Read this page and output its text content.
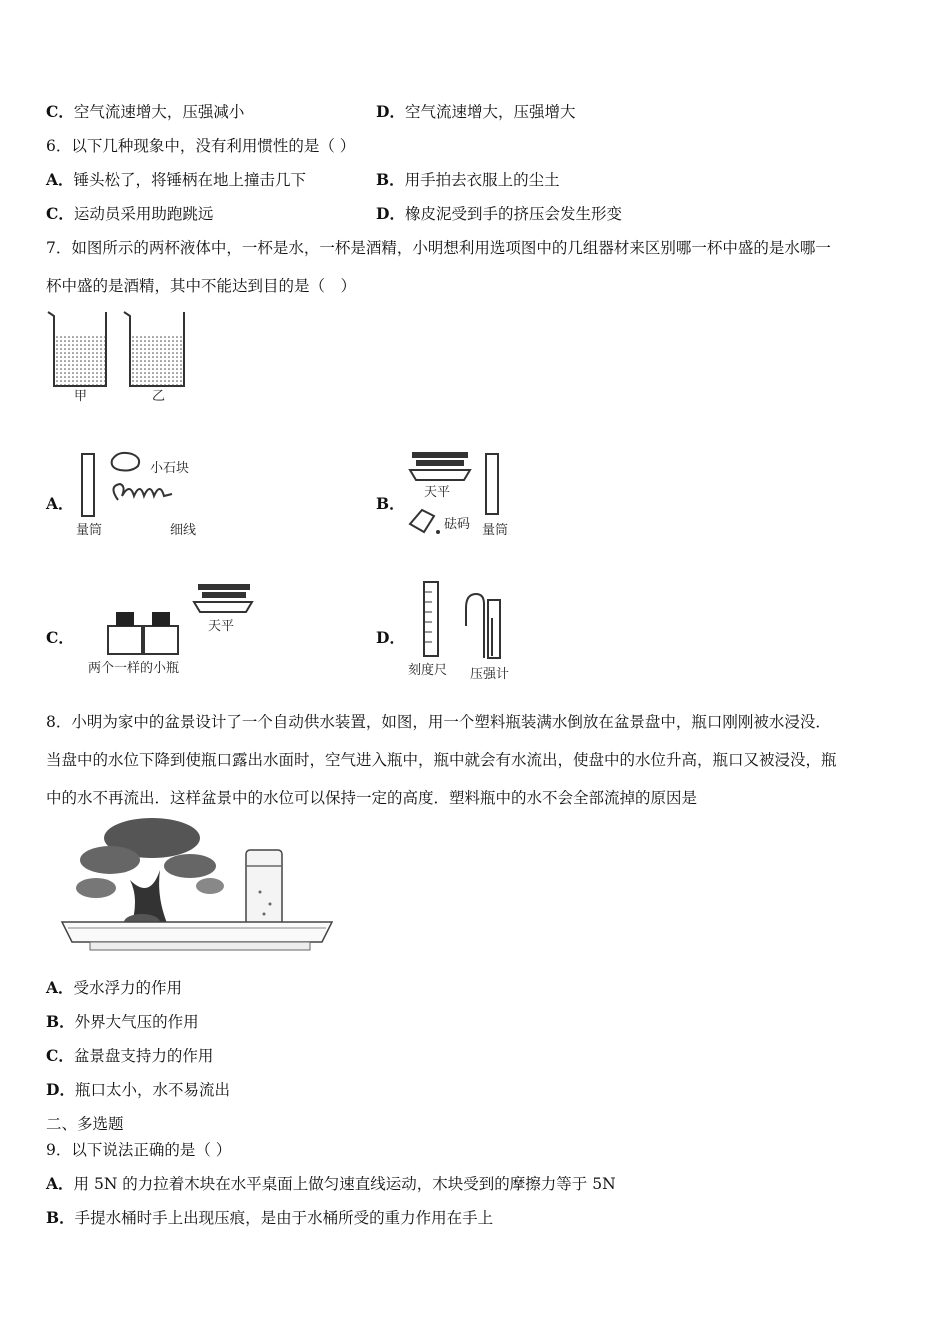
C．空气流速增大，压强减小	D．空气流速增大，压强增大
6．以下几种现象中，没有利用惯性的是（ ）
A．锤头松了，将锤柄在地上撞击几下	B．用手拍去衣服上的尘土
C．运动员采用助跑跳远	D．橡皮泥受到手的挤压会发生形变
7．如图所示的两杯液体中，一杯是水，一杯是酒精，小明想利用选项图中的几组器材来区别哪一杯中盛的是水哪一
杯中盛的是酒精，其中不能达到目的是（　）
甲	乙
A．
小石块
量筒	细线
B．
天平
砝码 量筒
C．
天平
两个一样的小瓶
D．
刻度尺 压强计
8．小明为家中的盆景设计了一个自动供水装置，如图，用一个塑料瓶装满水倒放在盆景盘中，瓶口刚刚被水浸没．
当盘中的水位下降到使瓶口露出水面时，空气进入瓶中，瓶中就会有水流出，使盘中的水位升高，瓶口又被浸没，瓶
中的水不再流出．这样盆景中的水位可以保持一定的高度．塑料瓶中的水不会全部流掉的原因是
A．受水浮力的作用
B．外界大气压的作用
C．盆景盘支持力的作用
D．瓶口太小，水不易流出
二、多选题
9．以下说法正确的是（ ）
A．用 5N 的力拉着木块在水平桌面上做匀速直线运动，木块受到的摩擦力等于 5N
B．手提水桶时手上出现压痕，是由于水桶所受的重力作用在手上
